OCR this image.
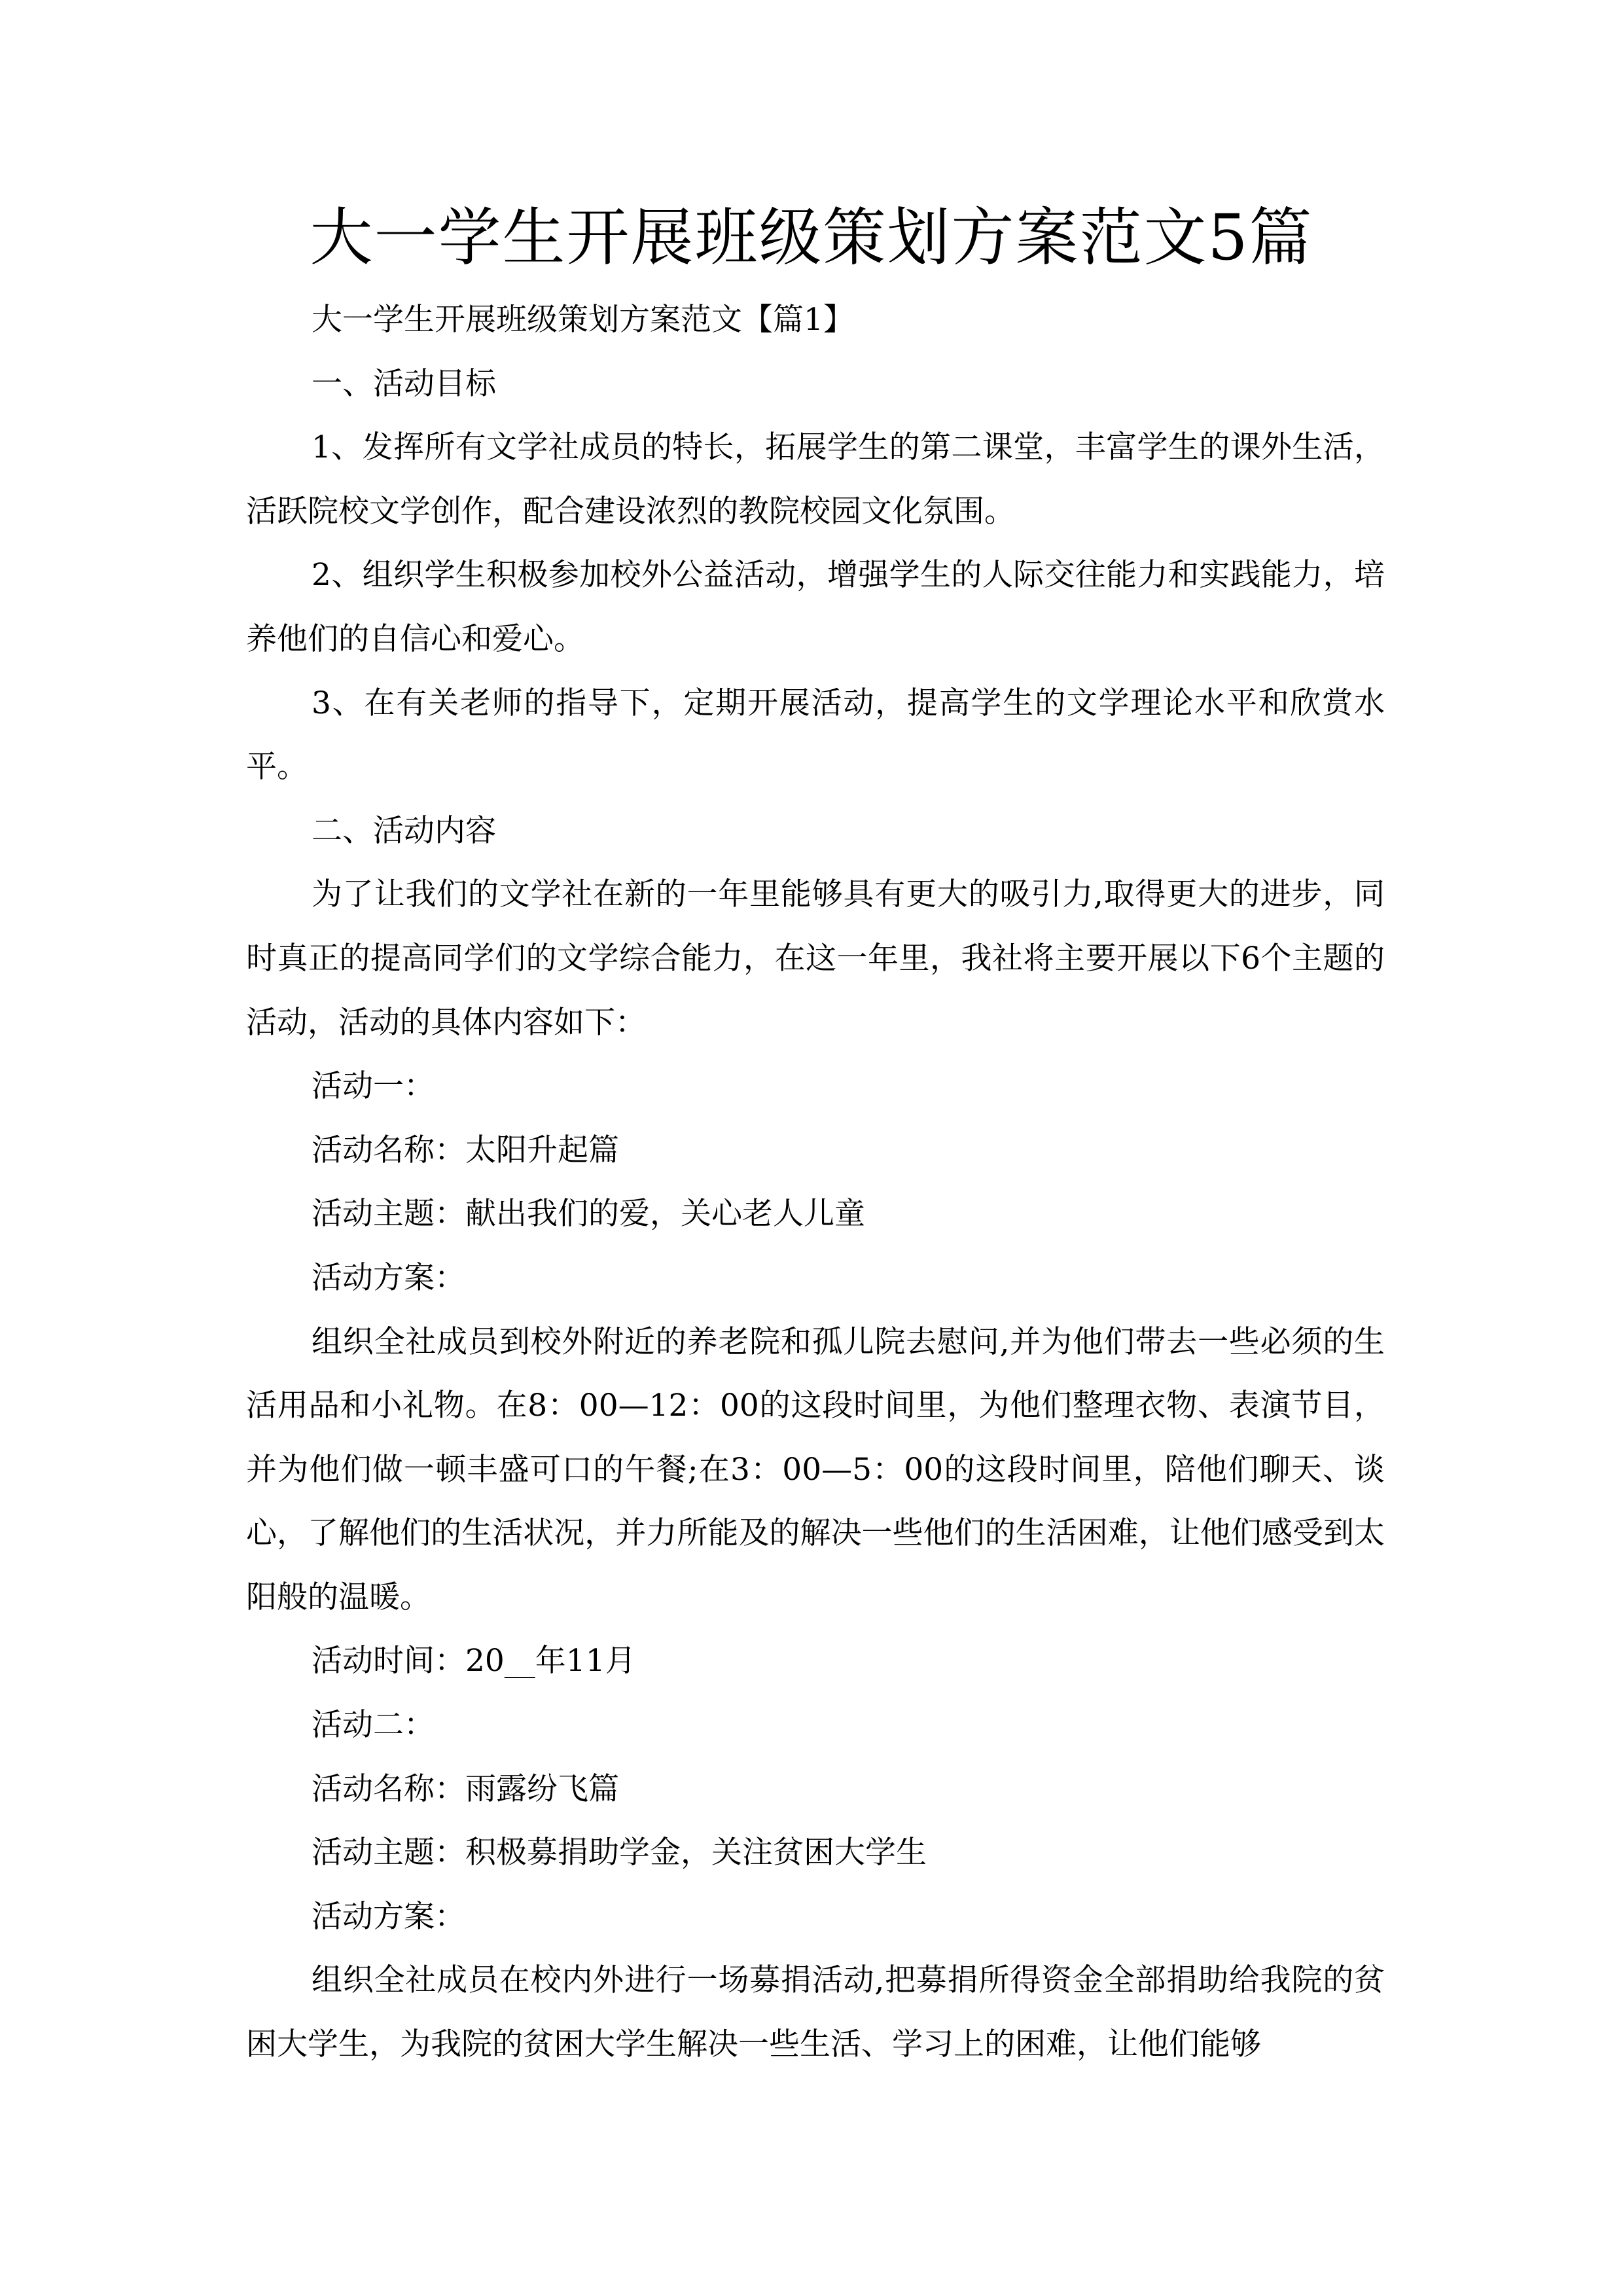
大一学生开展班级策划方案范文5篇

大一学生开展班级策划方案范文【篇1】

一、活动目标

1、发挥所有文学社成员的特长，拓展学生的第二课堂，丰富学生的课外生活，活跃院校文学创作，配合建设浓烈的教院校园文化氛围。

2、组织学生积极参加校外公益活动，增强学生的人际交往能力和实践能力，培养他们的自信心和爱心。

3、在有关老师的指导下，定期开展活动，提高学生的文学理论水平和欣赏水平。

二、活动内容

为了让我们的文学社在新的一年里能够具有更大的吸引力,取得更大的进步，同时真正的提高同学们的文学综合能力，在这一年里，我社将主要开展以下6个主题的活动，活动的具体内容如下：

活动一：

活动名称：太阳升起篇

活动主题：献出我们的爱，关心老人儿童

活动方案：

组织全社成员到校外附近的养老院和孤儿院去慰问,并为他们带去一些必须的生活用品和小礼物。在8：00—12：00的这段时间里，为他们整理衣物、表演节目，并为他们做一顿丰盛可口的午餐;在3：00—5：00的这段时间里，陪他们聊天、谈心，了解他们的生活状况，并力所能及的解决一些他们的生活困难，让他们感受到太阳般的温暖。

活动时间：20__年11月

活动二：

活动名称：雨露纷飞篇

活动主题：积极募捐助学金，关注贫困大学生

活动方案：

组织全社成员在校内外进行一场募捐活动,把募捐所得资金全部捐助给我院的贫困大学生，为我院的贫困大学生解决一些生活、学习上的困难，让他们能够
